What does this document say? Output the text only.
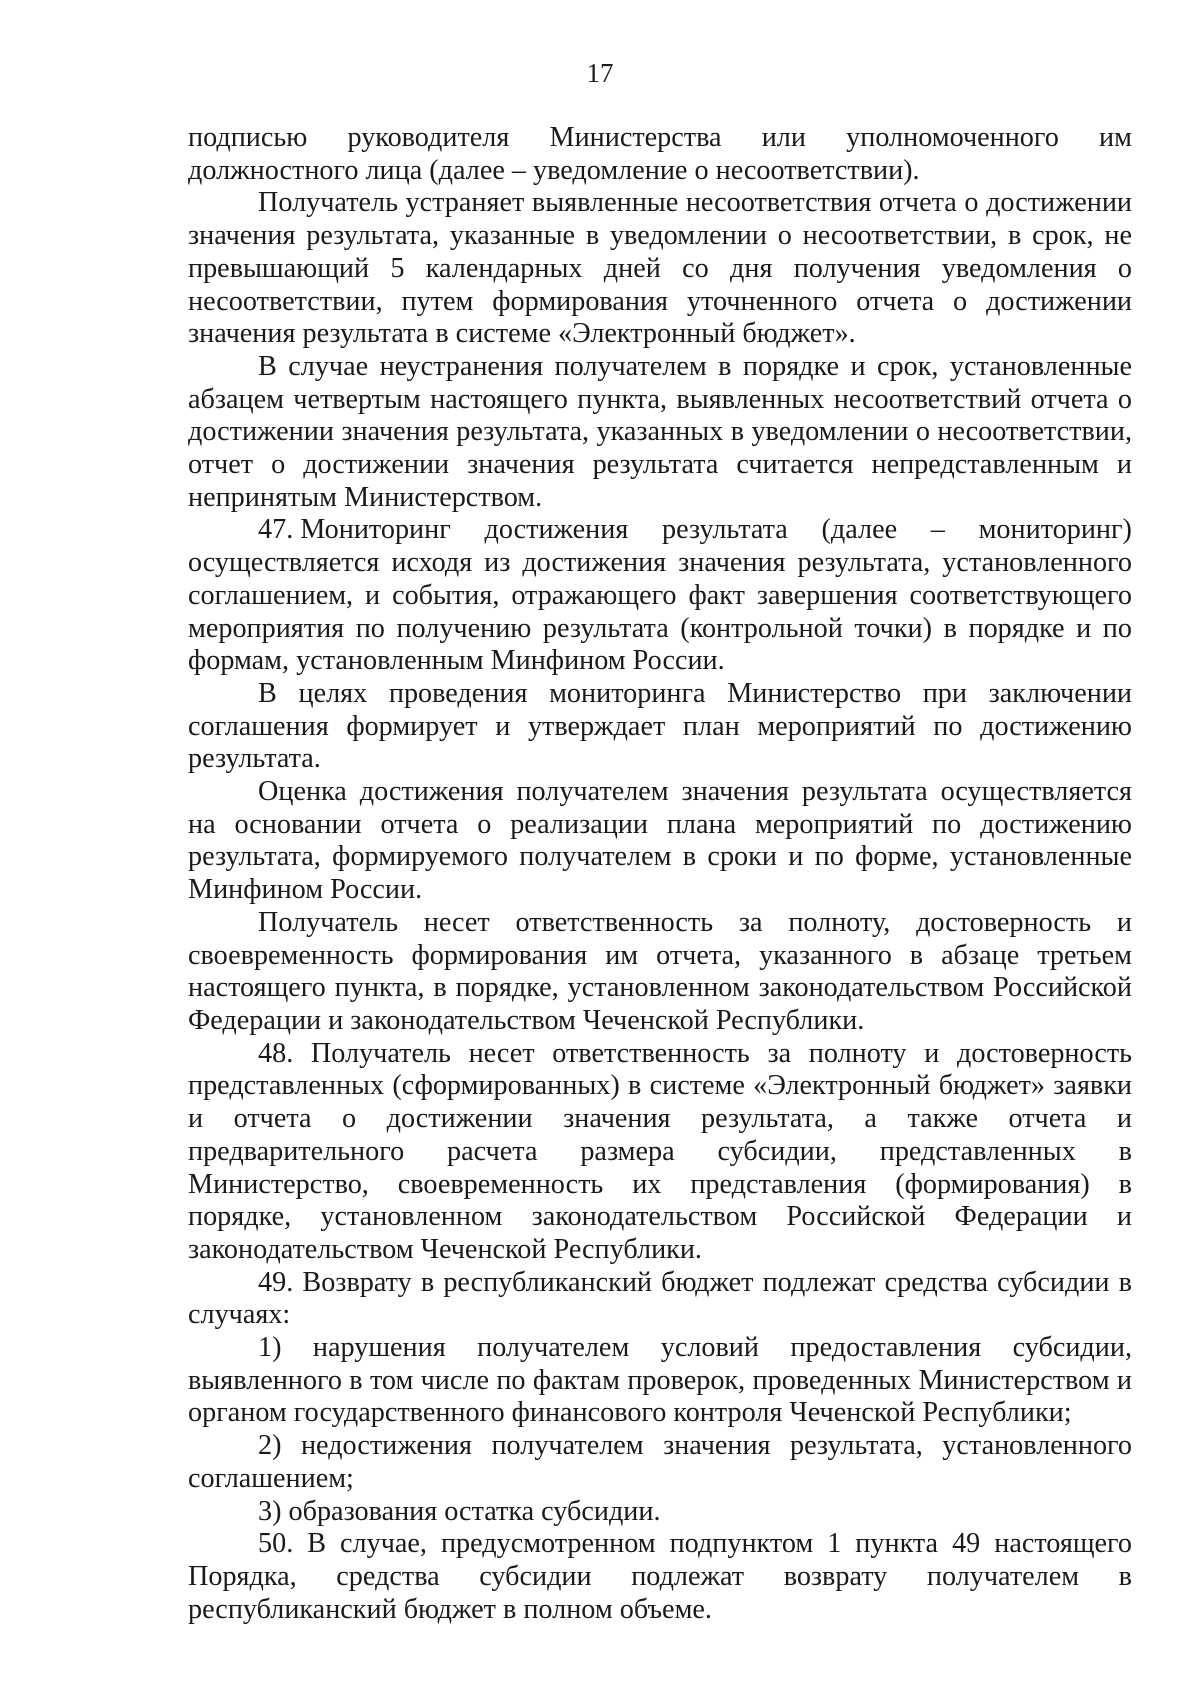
17
подписью руководителя Министерства или уполномоченного им

должностного лица (далее – уведомление о несоответствии).

Получатель устраняет выявленные несоответствия отчета о достижении значения результата, указанные в уведомлении о несоответствии, в срок, не превышающий 5 календарных дней со дня получения уведомления о несоответствии, путем формирования уточненного отчета о достижении значения результата в системе «Электронный бюджет».

В случае неустранения получателем в порядке и срок, установленные абзацем четвертым настоящего пункта, выявленных несоответствий отчета о достижении значения результата, указанных в уведомлении о несоответствии, отчет о достижении значения результата считается непредставленным и непринятым Министерством.

47. Мониторинг достижения результата (далее – мониторинг)

осуществляется исходя из достижения значения результата, установленного соглашением, и события, отражающего факт завершения соответствующего мероприятия по получению результата (контрольной точки) в порядке и по формам, установленным Минфином России.

В целях проведения мониторинга Министерство при заключении соглашения формирует и утверждает план мероприятий по достижению результата.

Оценка достижения получателем значения результата осуществляется на основании отчета о реализации плана мероприятий по достижению результата, формируемого получателем в сроки и по форме, установленные Минфином России.

Получатель несет ответственность за полноту, достоверность и своевременность формирования им отчета, указанного в абзаце третьем настоящего пункта, в порядке, установленном законодательством Российской Федерации и законодательством Чеченской Республики.

48. Получатель несет ответственность за полноту и достоверность представленных (сформированных) в системе «Электронный бюджет» заявки и отчета о достижении значения результата, а также отчета и предварительного расчета размера субсидии, представленных в Министерство, своевременность их представления (формирования) в порядке, установленном законодательством Российской Федерации и законодательством Чеченской Республики.

49. Возврату в республиканский бюджет подлежат средства субсидии в случаях:

1) нарушения получателем условий предоставления субсидии, выявленного в том числе по фактам проверок, проведенных Министерством и органом государственного финансового контроля Чеченской Республики;

2) недостижения получателем значения результата, установленного соглашением;

3) образования остатка субсидии.

50. В случае, предусмотренном подпунктом 1 пункта 49 настоящего Порядка, средства субсидии подлежат возврату получателем в республиканский бюджет в полном объеме.
